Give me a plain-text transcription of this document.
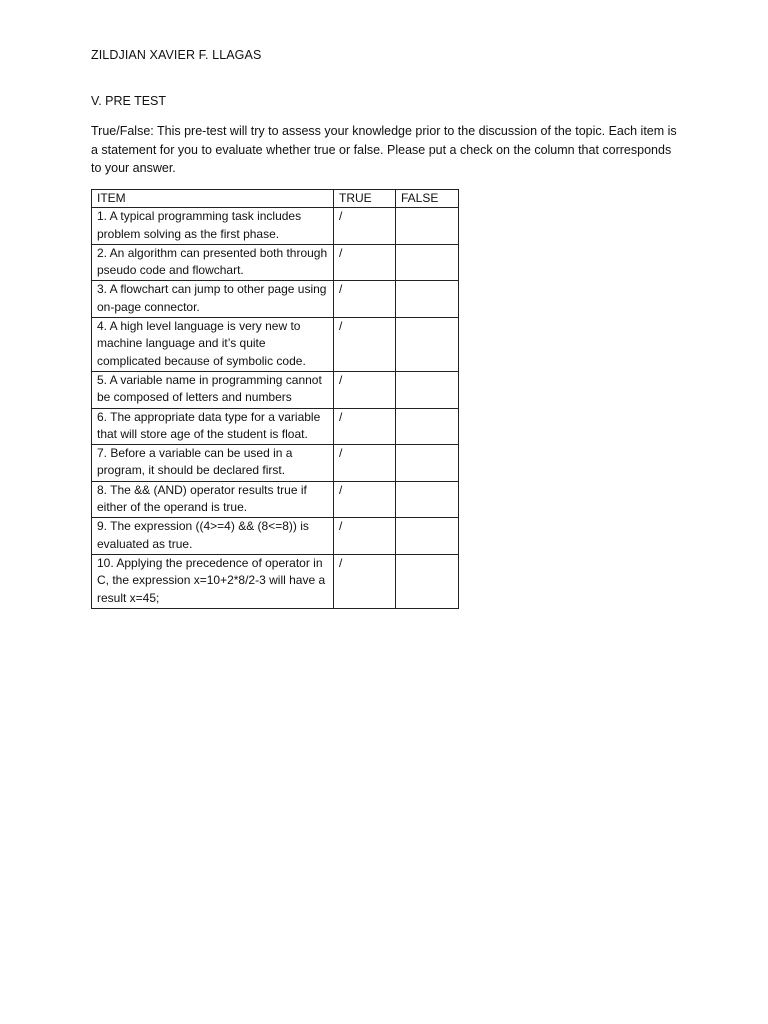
ZILDJIAN XAVIER F. LLAGAS
V. PRE TEST
True/False: This pre-test will try to assess your knowledge prior to the discussion of the topic. Each item is a statement for you to evaluate whether true or false. Please put a check on the column that corresponds to your answer.
ITEM	TRUE	FALSE
1. A typical programming task includes problem solving as the first phase.	/	
2. An algorithm can presented both through pseudo code and flowchart.	/	
3. A flowchart can jump to other page using on-page connector.	/	
4. A high level language is very new to machine language and it’s quite complicated because of symbolic code.	/	
5. A variable name in programming cannot be composed of letters and numbers	/	
6. The appropriate data type for a variable that will store age of the student is float.	/	
7. Before a variable can be used in a program, it should be declared first.	/	
8. The && (AND) operator results true if either of the operand is true.	/	
9. The expression ((4>=4) && (8<=8)) is evaluated as true.	/	
10. Applying the precedence of operator in C, the expression x=10+2*8/2-3 will have a result x=45;	/	
